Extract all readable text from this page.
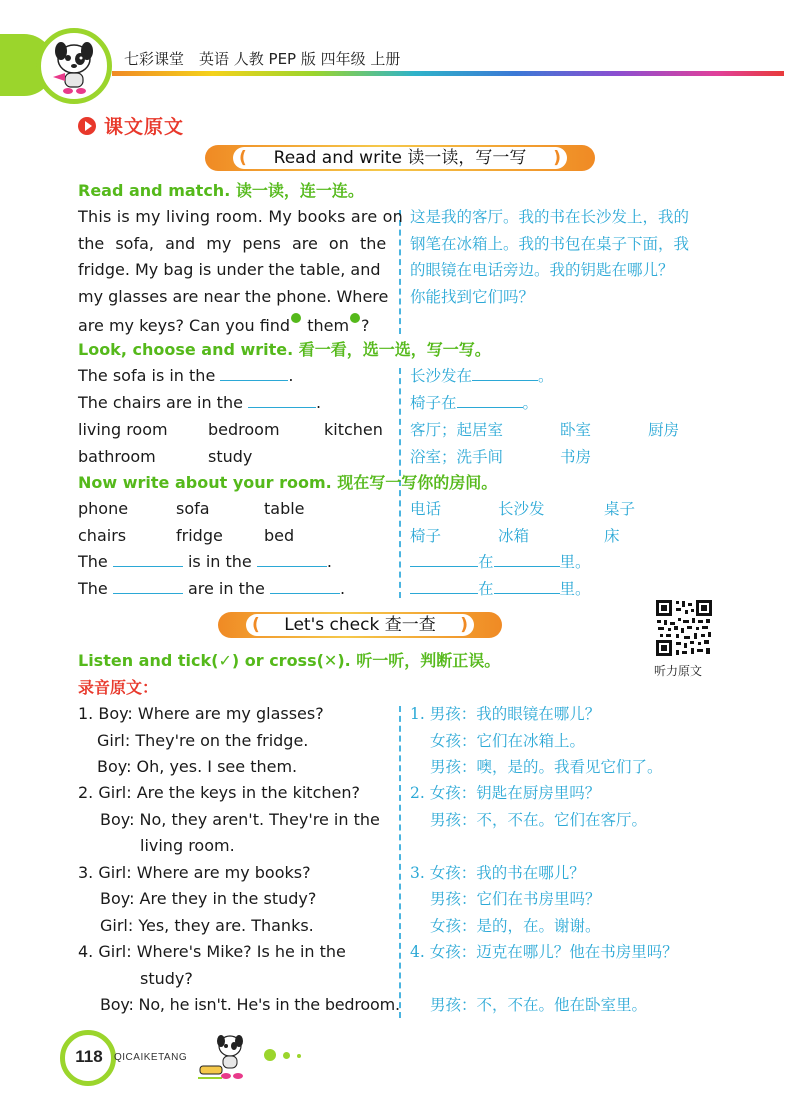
七彩课堂　英语 人教 PEP 版 四年级 上册
课文原文
( Read and write 读一读，写一写 )
Read and match. 读一读，连一连。
This is my living room. My books are on
the sofa, and my pens are on the
fridge. My bag is under the table, and
my glasses are near the phone. Where
are my keys? Can you find them ?
这是我的客厅。我的书在长沙发上，我的
钢笔在冰箱上。我的书包在桌子下面，我
的眼镜在电话旁边。我的钥匙在哪儿？
你能找到它们吗？
Look, choose and write. 看一看，选一选，写一写。
The sofa is in the	.
The chairs are in the	.
长沙发在	。
椅子在	。
living room	bedroom	kitchen
bathroom	study
客厅；起居室	卧室	厨房
浴室；洗手间	书房
Now write about your room. 现在写一写你的房间。
phone	sofa	table
chairs	fridge	bed
电话	长沙发	桌子
椅子	冰箱	床
The	is in the	.
The	are in the	.
在	里。
在	里。
( Let's check 查一查 )
听力原文
Listen and tick(✓) or cross(✕). 听一听，判断正误。
录音原文：
1. Boy: Where are my glasses?
Girl: They're on the fridge.
Boy: Oh, yes. I see them.
2. Girl: Are the keys in the kitchen?
Boy: No, they aren't. They're in the
living room.
3. Girl: Where are my books?
Boy: Are they in the study?
Girl: Yes, they are. Thanks.
4. Girl: Where's Mike? Is he in the
study?
Boy: No, he isn't. He's in the bedroom.
1. 男孩：我的眼镜在哪儿？
女孩：它们在冰箱上。
男孩：噢，是的。我看见它们了。
2. 女孩：钥匙在厨房里吗？
男孩：不，不在。它们在客厅。
3. 女孩：我的书在哪儿？
男孩：它们在书房里吗？
女孩：是的，在。谢谢。
4. 女孩：迈克在哪儿？他在书房里吗？
男孩：不，不在。他在卧室里。
118	QICAIKETANG
